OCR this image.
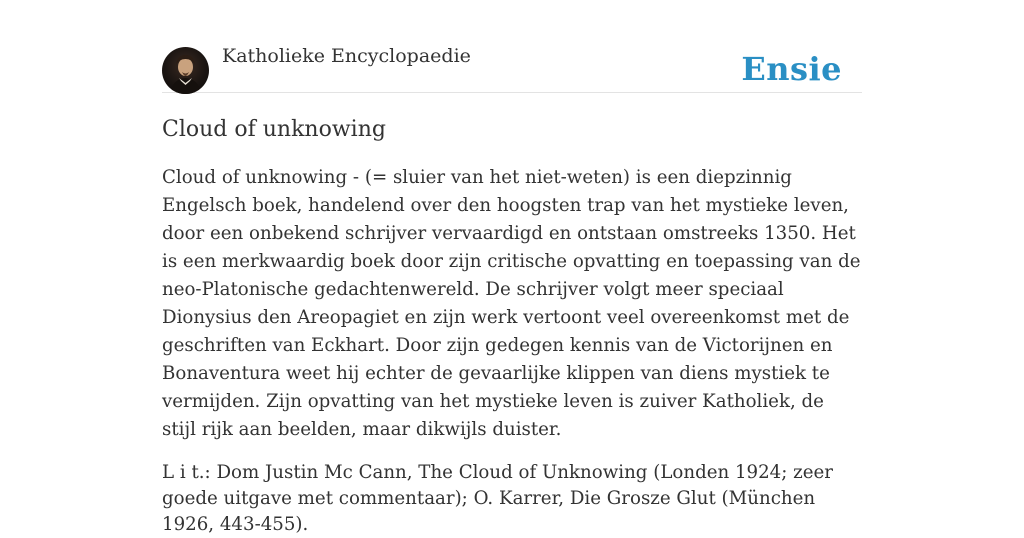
Katholieke Encyclopaedie	Ensie
Cloud of unknowing

Cloud of unknowing - (= sluier van het niet-weten) is een diepzinnig Engelsch boek, handelend over den hoogsten trap van het mystieke leven, door een onbekend schrijver vervaardigd en ontstaan omstreeks 1350. Het is een merkwaardig boek door zijn critische opvatting en toepassing van de neo-Platonische gedachtenwereld. De schrijver volgt meer speciaal Dionysius den Areopagiet en zijn werk vertoont veel overeenkomst met de geschriften van Eckhart. Door zijn gedegen kennis van de Victorijnen en Bonaventura weet hij echter de gevaarlijke klippen van diens mystiek te vermijden. Zijn opvatting van het mystieke leven is zuiver Katholiek, de stijl rijk aan beelden, maar dikwijls duister.

L i t.: Dom Justin Mc Cann, The Cloud of Unknowing (Londen 1924; zeer goede uitgave met commentaar); O. Karrer, Die Grosze Glut (München 1926, 443-455).
